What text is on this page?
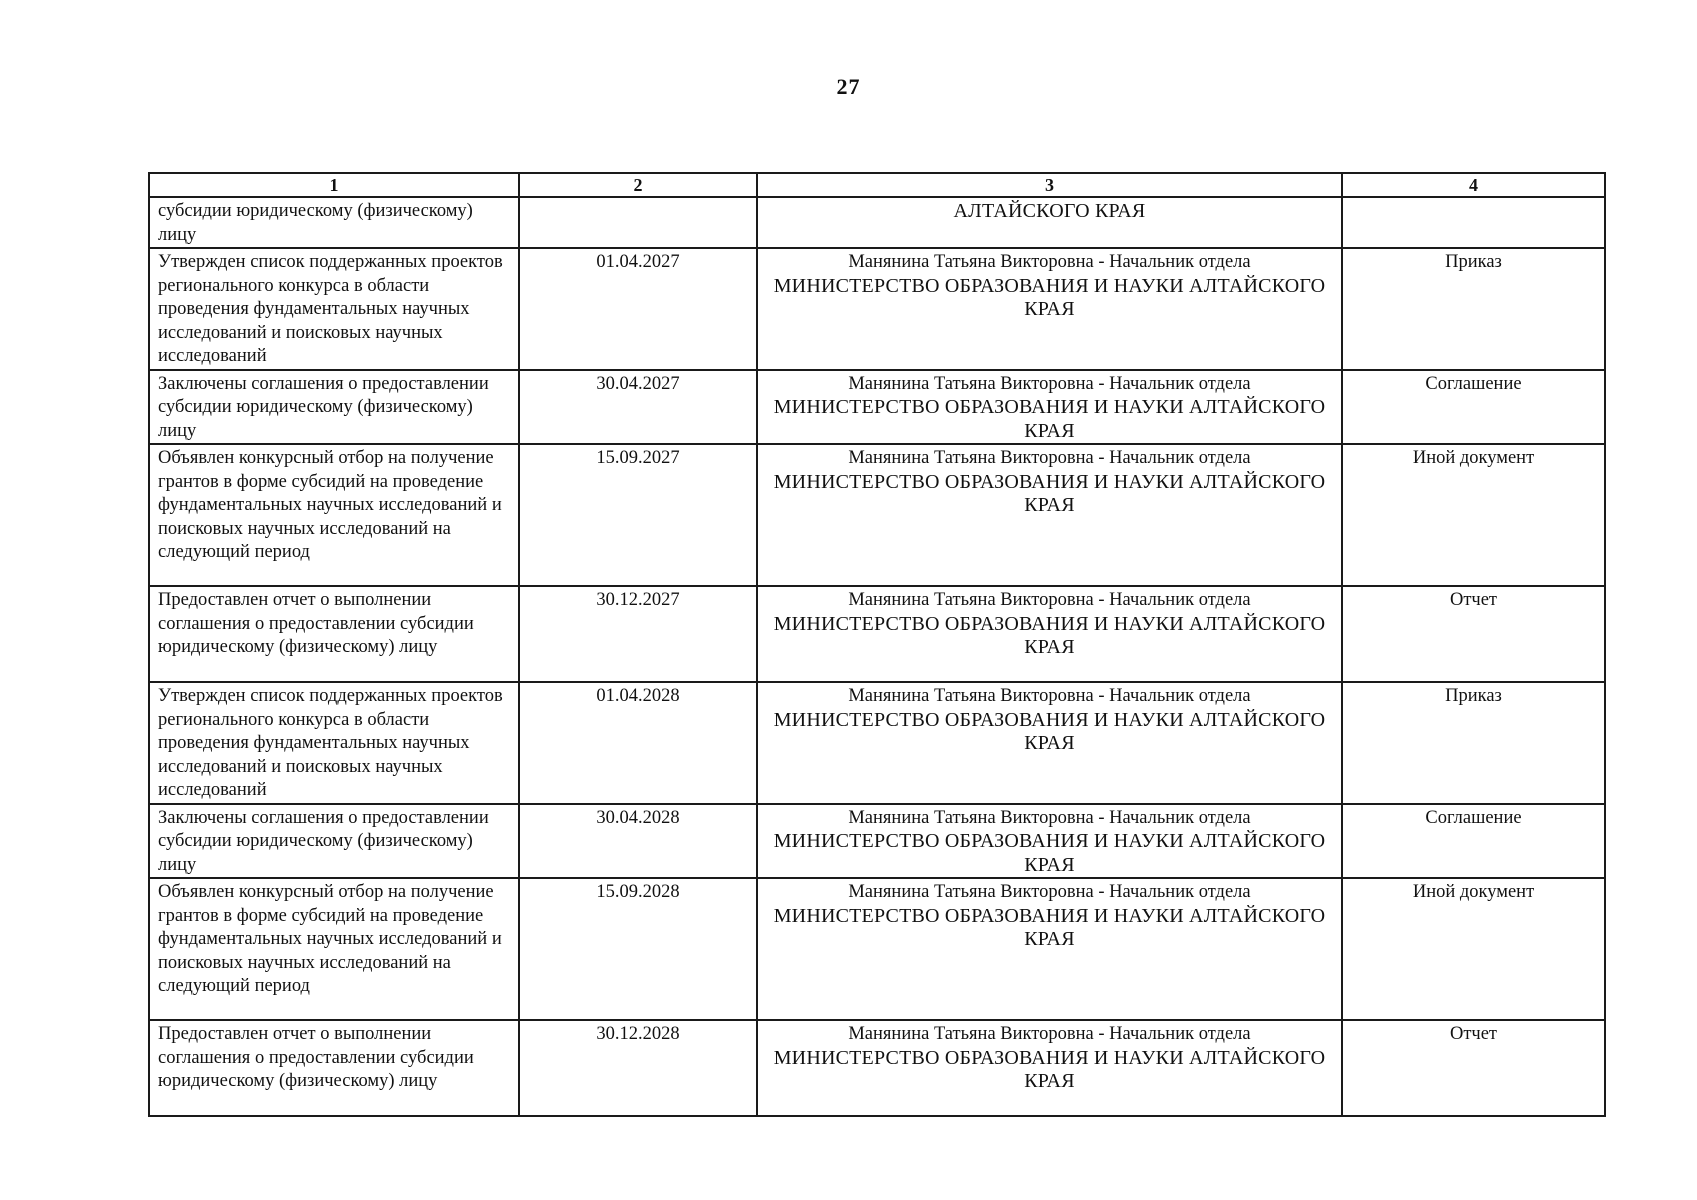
27
1	2	3	4
субсидии юридическому (физическому) лицу		АЛТАЙСКОГО КРАЯ	

Утвержден список поддержанных проектов регионального конкурса в области проведения фундаментальных научных исследований и поисковых научных исследований	01.04.2027	Манянина Татьяна Викторовна - Начальник отдела
МИНИСТЕРСТВО ОБРАЗОВАНИЯ И НАУКИ АЛТАЙСКОГО КРАЯ	Приказ
Заключены соглашения о предоставлении субсидии юридическому (физическому) лицу	30.04.2027	Манянина Татьяна Викторовна - Начальник отдела
МИНИСТЕРСТВО ОБРАЗОВАНИЯ И НАУКИ АЛТАЙСКОГО КРАЯ	Соглашение
Объявлен конкурсный отбор на получение грантов в форме субсидий на проведение фундаментальных научных исследований и поисковых научных исследований на следующий период	15.09.2027	Манянина Татьяна Викторовна - Начальник отдела
МИНИСТЕРСТВО ОБРАЗОВАНИЯ И НАУКИ АЛТАЙСКОГО КРАЯ	Иной документ
Предоставлен отчет о выполнении соглашения о предоставлении субсидии юридическому (физическому) лицу	30.12.2027	Манянина Татьяна Викторовна - Начальник отдела
МИНИСТЕРСТВО ОБРАЗОВАНИЯ И НАУКИ АЛТАЙСКОГО КРАЯ	Отчет
Утвержден список поддержанных проектов регионального конкурса в области проведения фундаментальных научных исследований и поисковых научных исследований	01.04.2028	Манянина Татьяна Викторовна - Начальник отдела
МИНИСТЕРСТВО ОБРАЗОВАНИЯ И НАУКИ АЛТАЙСКОГО КРАЯ	Приказ
Заключены соглашения о предоставлении субсидии юридическому (физическому) лицу	30.04.2028	Манянина Татьяна Викторовна - Начальник отдела
МИНИСТЕРСТВО ОБРАЗОВАНИЯ И НАУКИ АЛТАЙСКОГО КРАЯ	Соглашение
Объявлен конкурсный отбор на получение грантов в форме субсидий на проведение фундаментальных научных исследований и поисковых научных исследований на следующий период	15.09.2028	Манянина Татьяна Викторовна - Начальник отдела
МИНИСТЕРСТВО ОБРАЗОВАНИЯ И НАУКИ АЛТАЙСКОГО КРАЯ	Иной документ
Предоставлен отчет о выполнении соглашения о предоставлении субсидии юридическому (физическому) лицу	30.12.2028	Манянина Татьяна Викторовна - Начальник отдела
МИНИСТЕРСТВО ОБРАЗОВАНИЯ И НАУКИ АЛТАЙСКОГО КРАЯ	Отчет
